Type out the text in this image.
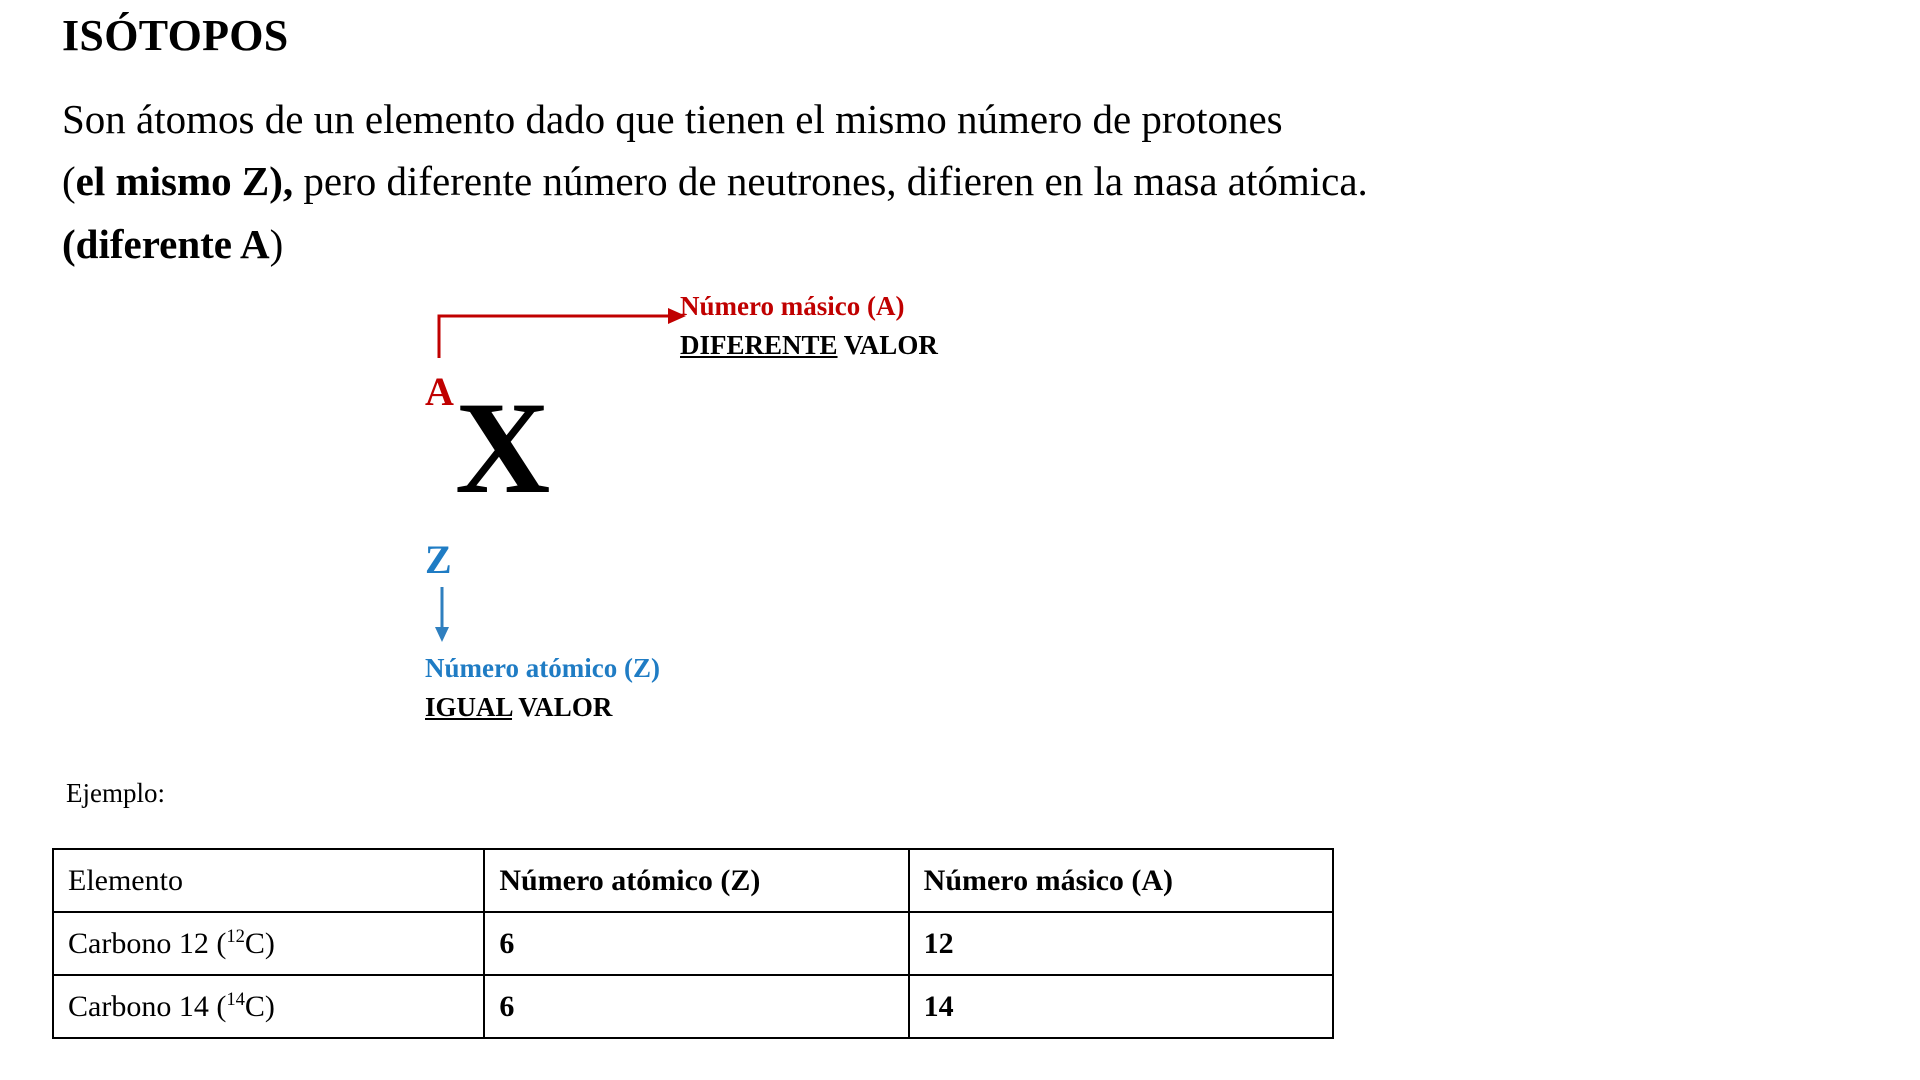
ISÓTOPOS
Son átomos de un elemento dado que tienen el mismo número de protones
(el mismo Z), pero diferente número de neutrones, difieren en la masa atómica.
(diferente A)
A X
Z
Número másico (A)
DIFERENTE VALOR
Número atómico (Z)
IGUAL VALOR
Ejemplo:
Elemento	Número atómico (Z)	Número másico (A)
Carbono 12 ($^{12}$C)	6	12
Carbono 14 ($^{14}$C)	6	14
